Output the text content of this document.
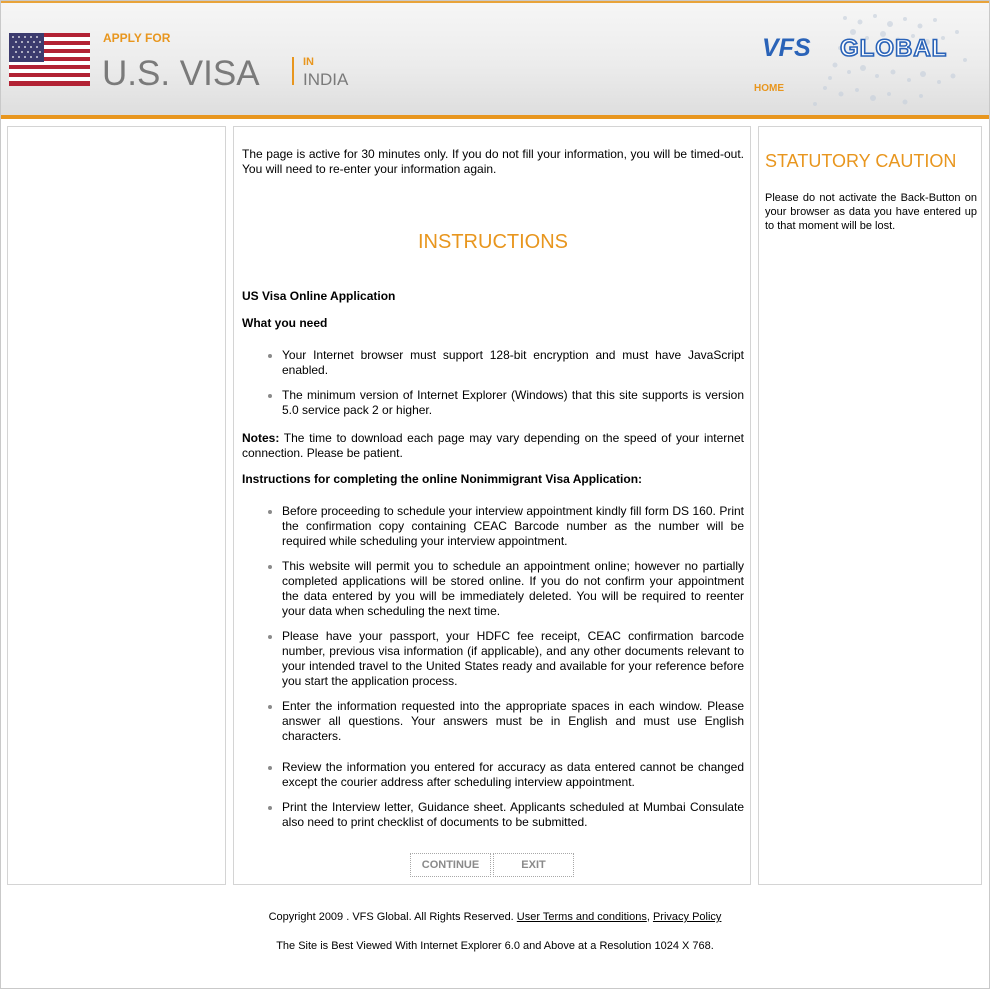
APPLY FOR
U.S. VISA	IN
INDIA
VFS GLOBAL
HOME

The page is active for 30 minutes only. If you do not fill your information, you will be timed-out. You will need to re-enter your information again.

INSTRUCTIONS
US Visa Online Application
What you need
Your Internet browser must support 128-bit encryption and must have JavaScript enabled.
The minimum version of Internet Explorer (Windows) that this site supports is version 5.0 service pack 2 or higher.

Notes: The time to download each page may vary depending on the speed of your internet connection. Please be patient.

Instructions for completing the online Nonimmigrant Visa Application:
Before proceeding to schedule your interview appointment kindly fill form DS 160. Print the confirmation copy containing CEAC Barcode number as the number will be required while scheduling your interview appointment.
This website will permit you to schedule an appointment online; however no partially completed applications will be stored online. If you do not confirm your appointment the data entered by you will be immediately deleted. You will be required to reenter your data when scheduling the next time.
Please have your passport, your HDFC fee receipt, CEAC confirmation barcode number, previous visa information (if applicable), and any other documents relevant to your intended travel to the United States ready and available for your reference before you start the application process.
Enter the information requested into the appropriate spaces in each window. Please answer all questions. Your answers must be in English and must use English characters.
Review the information you entered for accuracy as data entered cannot be changed except the courier address after scheduling interview appointment.
Print the Interview letter, Guidance sheet. Applicants scheduled at Mumbai Consulate also need to print checklist of documents to be submitted.
CONTINUE	EXIT
STATUTORY CAUTION
Please do not activate the Back-Button on your browser as data you have entered up to that moment will be lost.
Copyright 2009 . VFS Global. All Rights Reserved. User Terms and conditions, Privacy Policy
The Site is Best Viewed With Internet Explorer 6.0 and Above at a Resolution 1024 X 768.
